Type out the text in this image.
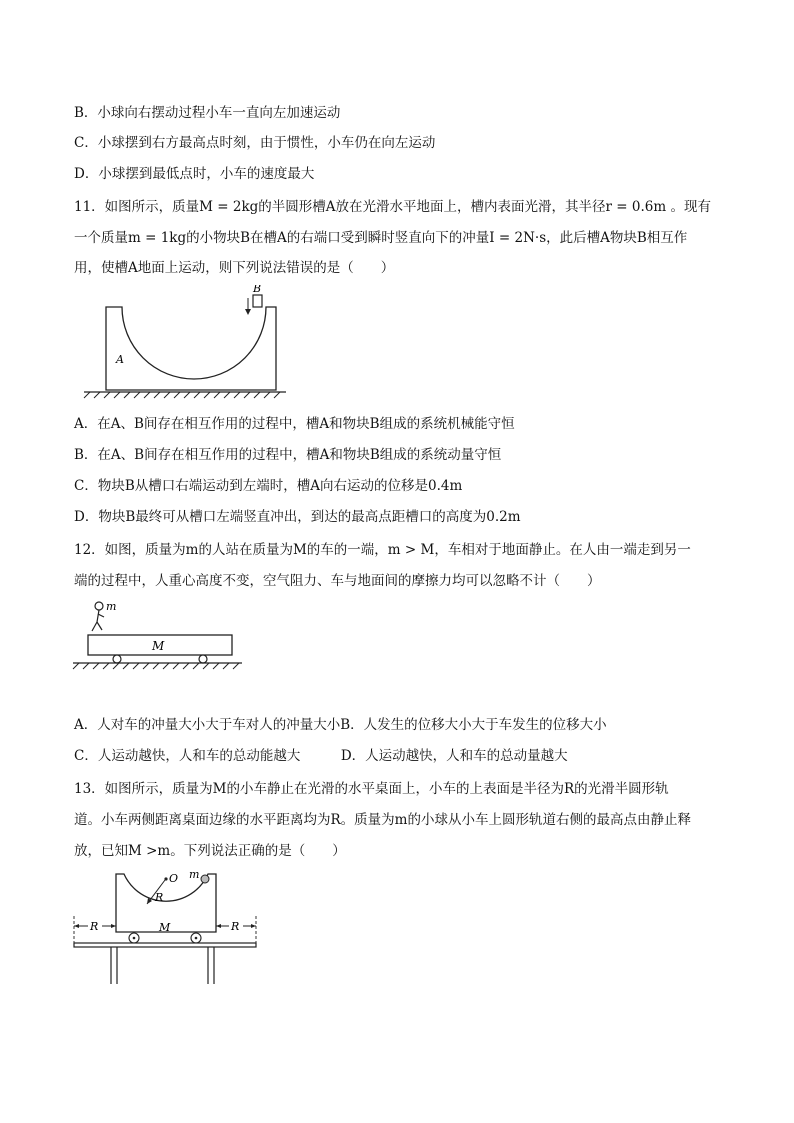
B．小球向右摆动过程小车一直向左加速运动
C．小球摆到右方最高点时刻，由于惯性，小车仍在向左运动
D．小球摆到最低点时，小车的速度最大
11．如图所示，质量M = 2kg的半圆形槽A放在光滑水平地面上，槽内表面光滑，其半径r = 0.6m 。现有
一个质量m = 1kg的小物块B在槽A的右端口受到瞬时竖直向下的冲量I = 2N·s，此后槽A物块B相互作
用，使槽A地面上运动，则下列说法错误的是（　　）
B
A
A．在A、B间存在相互作用的过程中，槽A和物块B组成的系统机械能守恒
B．在A、B间存在相互作用的过程中，槽A和物块B组成的系统动量守恒
C．物块B从槽口右端运动到左端时，槽A向右运动的位移是0.4m
D．物块B最终可从槽口左端竖直冲出，到达的最高点距槽口的高度为0.2m
12．如图，质量为m的人站在质量为M的车的一端，m > M，车相对于地面静止。在人由一端走到另一
端的过程中，人重心高度不变，空气阻力、车与地面间的摩擦力均可以忽略不计（　　）
m
M
A．人对车的冲量大小大于车对人的冲量大小B．人发生的位移大小大于车发生的位移大小
C．人运动越快，人和车的总动能越大　　　D．人运动越快，人和车的总动量越大
13．如图所示，质量为M的小车静止在光滑的水平桌面上，小车的上表面是半径为R的光滑半圆形轨
道。小车两侧距离桌面边缘的水平距离均为R。质量为m的小球从小车上圆形轨道右侧的最高点由静止释
放，已知M >m。下列说法正确的是（　　）
O
R
m
M
R	R
